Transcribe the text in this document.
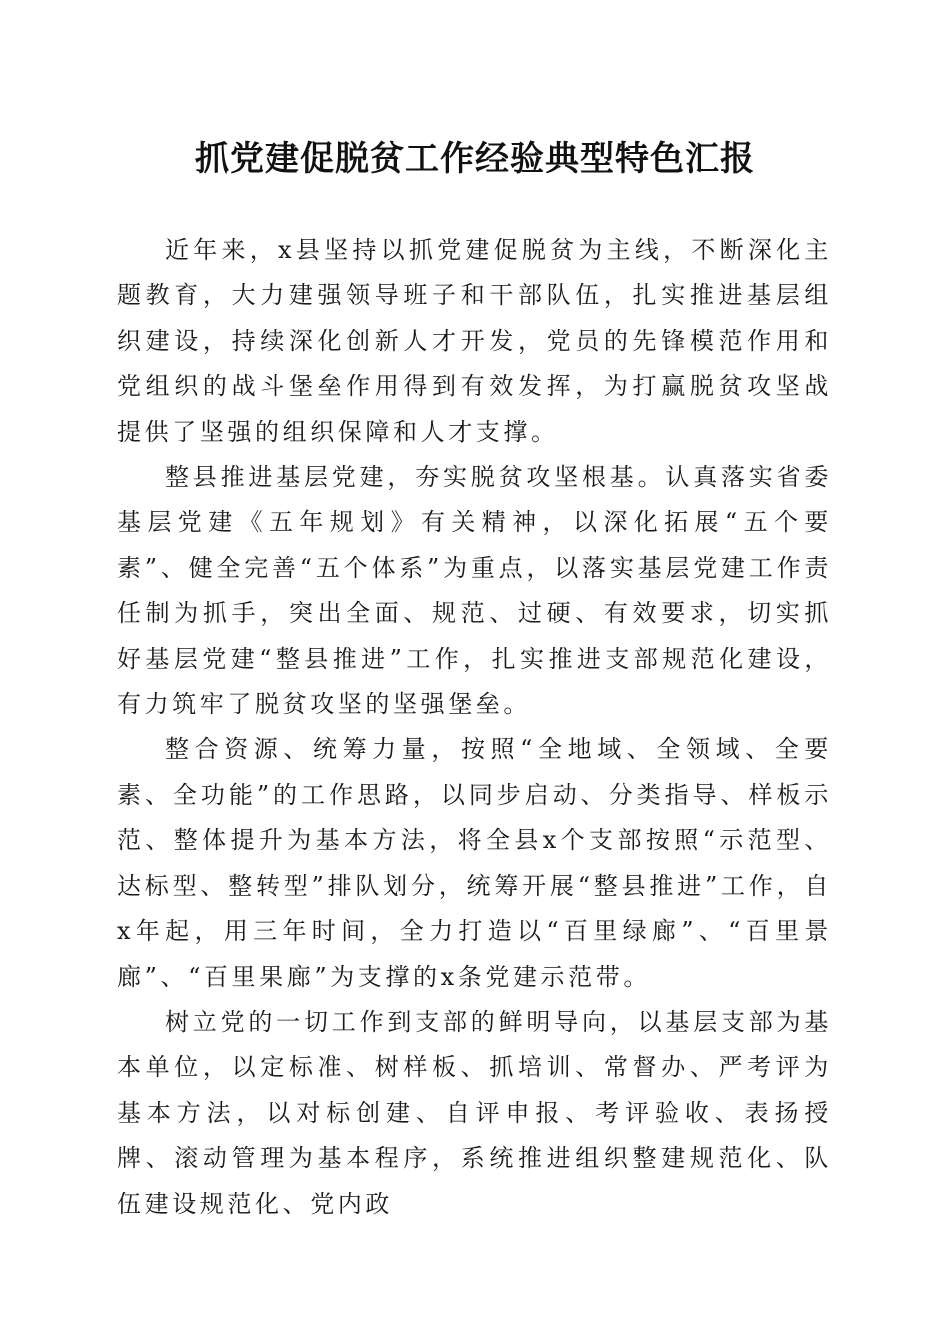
抓党建促脱贫工作经验典型特色汇报

近年来，x县坚持以抓党建促脱贫为主线，不断深化主题教育，大力建强领导班子和干部队伍，扎实推进基层组织建设，持续深化创新人才开发，党员的先锋模范作用和党组织的战斗堡垒作用得到有效发挥，为打赢脱贫攻坚战提供了坚强的组织保障和人才支撑。

整县推进基层党建，夯实脱贫攻坚根基。认真落实省委基层党建《五年规划》有关精神，以深化拓展“五个要素”、健全完善“五个体系”为重点，以落实基层党建工作责任制为抓手，突出全面、规范、过硬、有效要求，切实抓好基层党建“整县推进”工作，扎实推进支部规范化建设，有力筑牢了脱贫攻坚的坚强堡垒。

整合资源、统筹力量，按照“全地域、全领域、全要素、全功能”的工作思路，以同步启动、分类指导、样板示范、整体提升为基本方法，将全县x个支部按照“示范型、达标型、整转型”排队划分，统筹开展“整县推进”工作，自x年起，用三年时间，全力打造以“百里绿廊”、“百里景廊”、“百里果廊”为支撑的x条党建示范带。

树立党的一切工作到支部的鲜明导向，以基层支部为基本单位，以定标准、树样板、抓培训、常督办、严考评为基本方法，以对标创建、自评申报、考评验收、表扬授牌、滚动管理为基本程序，系统推进组织整建规范化、队伍建设规范化、党内政
